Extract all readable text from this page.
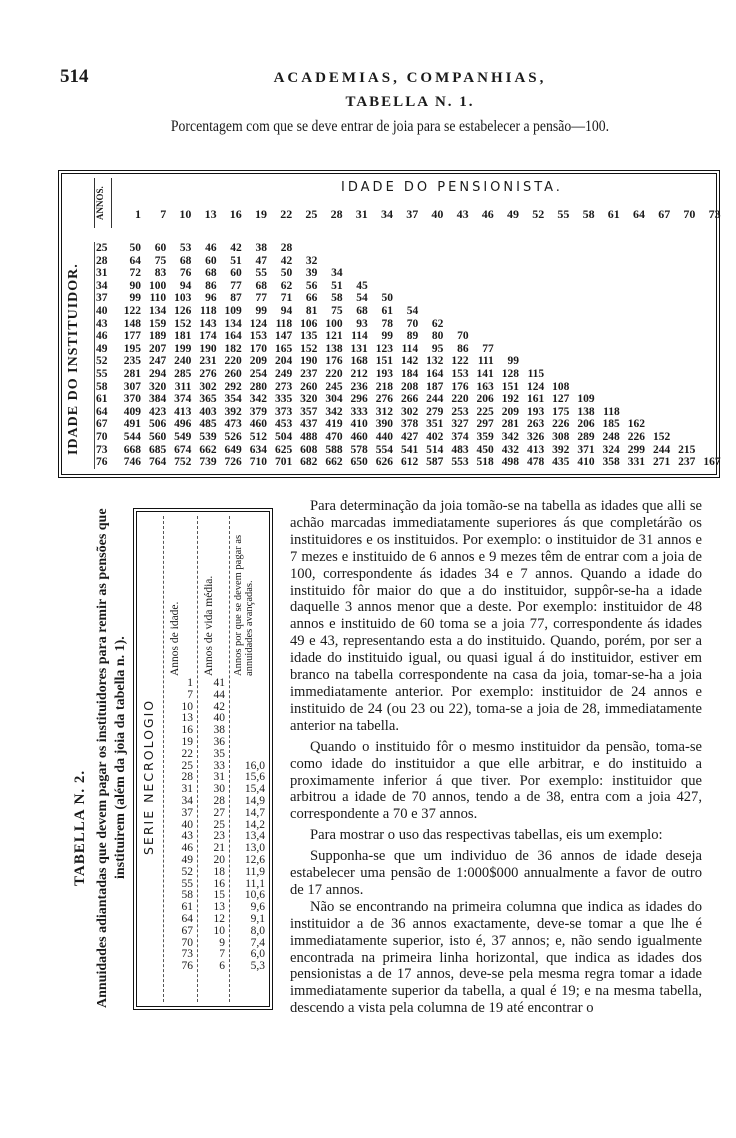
514	ACADEMIAS, COMPANHIAS,
TABELLA N. 1.
Porcentagem com que se deve entrar de joia para se estabelecer a pensão—100.
IDADE DO INSTITUIDOR.
ANNOS.	IDADE DO PENSIONISTA.
1	7	10	13	16	19	22	25	28	31	34	37	40	43	46	49	52	55	58	61	64	67	70	73
25	50	60	53	46	42	38	28
28	64	75	68	60	51	47	42	32
31	72	83	76	68	60	55	50	39	34
34	90 100	94	86	77	68	62	56	51	45
37	99 110 103	96	87	77	71	66	58	54	50
40	122 134 126 118 109	99	94	81	75	68	61	54
43	148 159 152 143 134 124 118 106 100	93	78	70	62
46	177 189 181 174 164 153 147 135 121 114	99	89	80	70
49	195 207 199 190 182 170 165 152 138 131 123 114	95	86	77
52	235 247 240 231 220 209 204 190 176 168 151 142 132 122 111	99
55	281 294 285 276 260 254 249 237 220 212 193 184 164 153 141 128 115
58	307 320 311 302 292 280 273 260 245 236 218 208 187 176 163 151 124 108
61	370 384 374 365 354 342 335 320 304 296 276 266 244 220 206 192 161 127 109
64	409 423 413 403 392 379 373 357 342 333 312 302 279 253 225 209 193 175 138 118
67	491 506 496 485 473 460 453 437 419 410 390 378 351 327 297 281 263 226 206 185 162
70	544 560 549 539 526 512 504 488 470 460 440 427 402 374 359 342 326 308 289 248 226 152
73	668 685 674 662 649 634 625 608 588 578 554 541 514 483 450 432 413 392 371 324 299 244 215
76	746 764 752 739 726 710 701 682 662 650 626 612 587 553 518 498 478 435 410 358 331 271 237 167
TABELLA N. 2. Annuidades adiantadas que devem pagar os instituidores para remir as pensões que instituirem (além da joia da tabella n. 1).	SERIE NECROLOGIO
Annos de idade. Annos de vida média. Annos por que se devem pagar as annuidades avançadas.
1	41
7	44
10	42
13	40
16	38
19	36
22	35
25	33	16,0
28	31	15,6
31	30	15,4
34	28	14,9
37	27	14,7
40	25	14,2
43	23	13,4
46	21	13,0
49	20	12,6
52	18	11,9
55	16	11,1
58	15	10,6
61	13	9,6
64	12	9,1
67	10	8,0
70	9	7,4
73	7	6,0
76	6	5,3

Para determinação da joia tomão-se na tabella as idades que alli se achão marcadas immediatamente superiores ás que completárão os instituidores e os instituidos. Por exemplo: o instituidor de 31 annos e 7 mezes e instituido de 6 annos e 9 mezes têm de entrar com a joia de 100, correspondente ás idades 34 e 7 annos. Quando a idade do instituido fôr maior do que a do instituidor, suppôr-se-ha a idade daquelle 3 annos menor que a deste. Por exemplo: instituidor de 48 annos e instituido de 60 toma se a joia 77, correspondente ás idades 49 e 43, representando esta a do instituido. Quando, porém, por ser a idade do instituido igual, ou quasi igual á do instituidor, estiver em branco na tabella correspondente na casa da joia, tomar-se-ha a joia immediatamente anterior. Por exemplo: instituidor de 24 annos e instituido de 24 (ou 23 ou 22), toma-se a joia de 28, immediatamente anterior na tabella.

Quando o instituido fôr o mesmo instituidor da pensão, toma-se como idade do instituidor a que elle arbitrar, e do instituido a proximamente inferior á que tiver. Por exemplo: instituidor que arbitrou a idade de 70 annos, tendo a de 38, entra com a joia 427, correspondente a 70 e 37 annos.

Para mostrar o uso das respectivas tabellas, eis um exemplo:

Supponha-se que um individuo de 36 annos de idade deseja estabelecer uma pensão de 1:000$000 annualmente a favor de outro de 17 annos.

Não se encontrando na primeira columna que indica as idades do instituidor a de 36 annos exactamente, deve-se tomar a que lhe é immediatamente superior, isto é, 37 annos; e, não sendo igualmente encontrada na primeira linha horizontal, que indica as idades dos pensionistas a de 17 annos, deve-se pela mesma regra tomar a idade immediatamente superior da tabella, a qual é 19; e na mesma tabella, descendo a vista pela columna de 19 até encontrar o
